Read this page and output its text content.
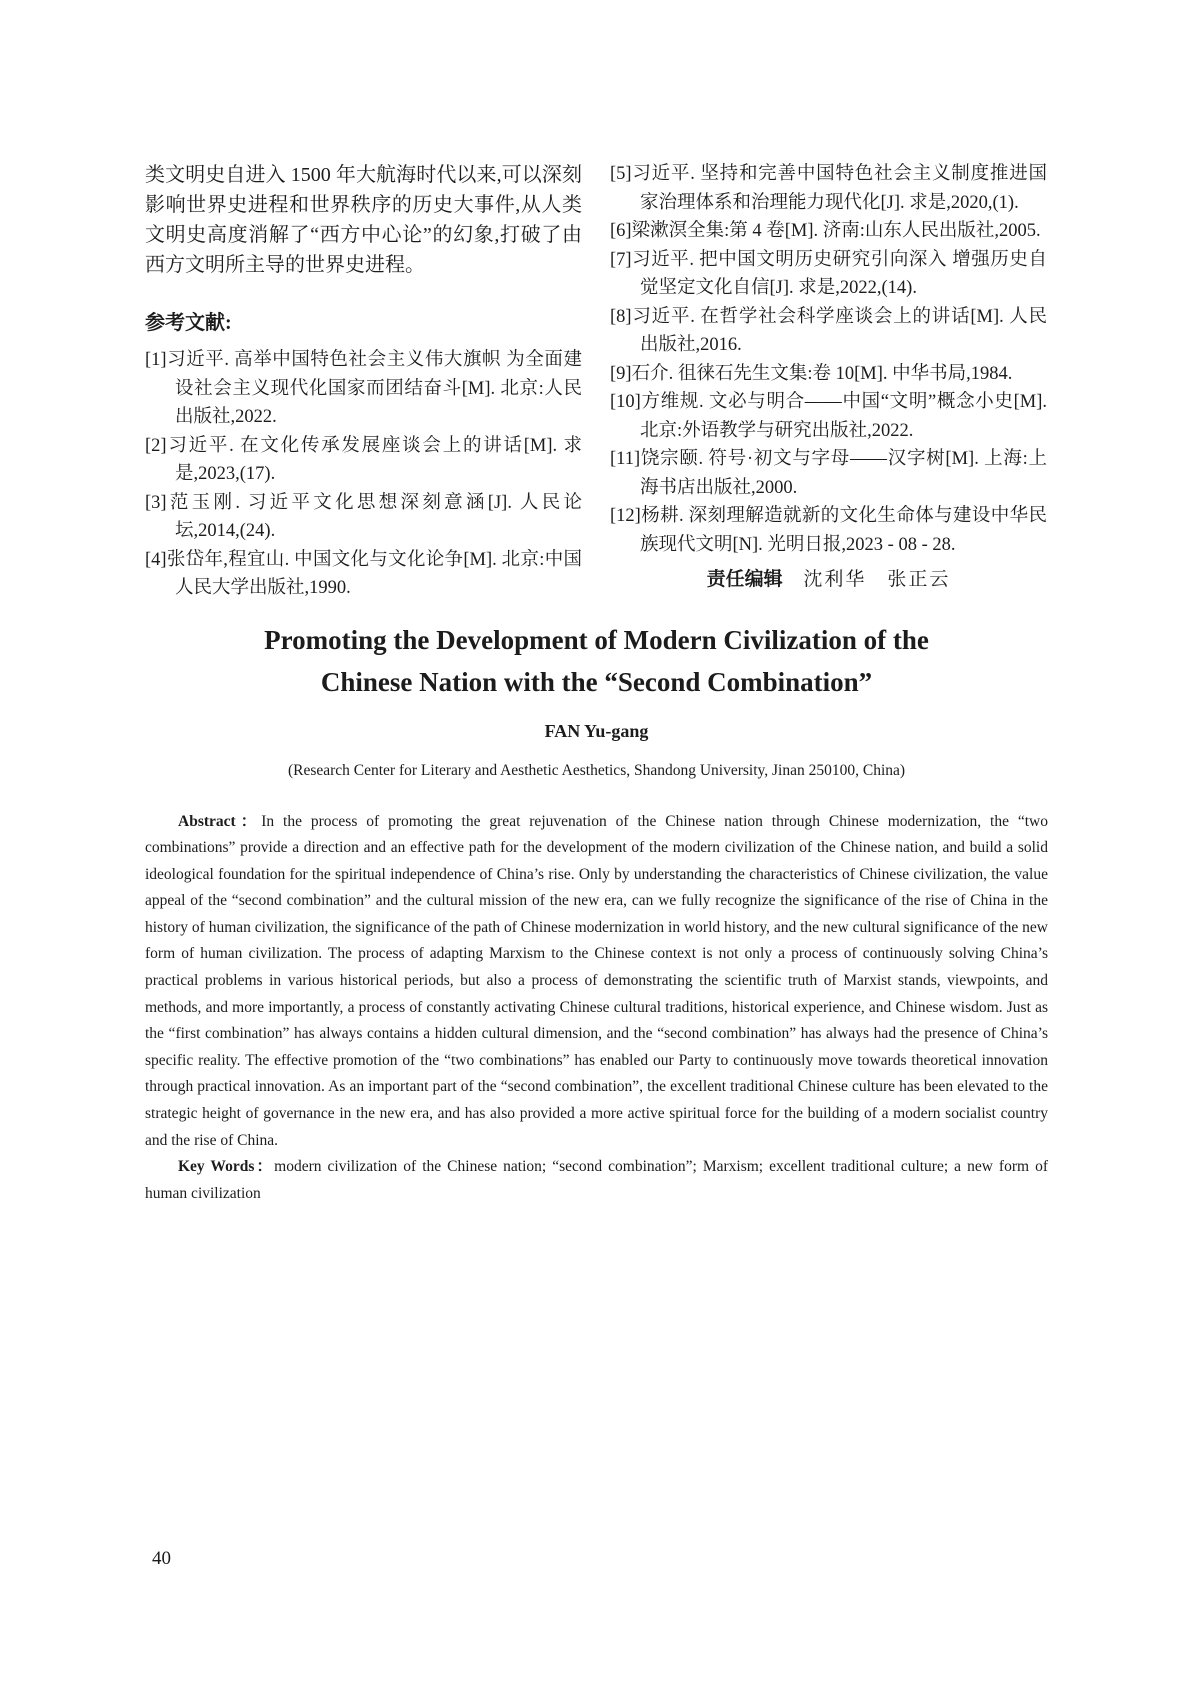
类文明史自进入 1500 年大航海时代以来,可以深刻影响世界史进程和世界秩序的历史大事件,从人类文明史高度消解了“西方中心论”的幻象,打破了由西方文明所主导的世界史进程。

参考文献:

[1]习近平. 高举中国特色社会主义伟大旗帜 为全面建设社会主义现代化国家而团结奋斗[M]. 北京:人民出版社,2022.

[2]习近平. 在文化传承发展座谈会上的讲话[M]. 求是,2023,(17).

[3]范玉刚. 习近平文化思想深刻意涵[J]. 人民论坛,2014,(24).

[4]张岱年,程宜山. 中国文化与文化论争[M]. 北京:中国人民大学出版社,1990.

[5]习近平. 坚持和完善中国特色社会主义制度推进国家治理体系和治理能力现代化[J]. 求是,2020,(1).

[6]梁漱溟全集:第 4 卷[M]. 济南:山东人民出版社,2005.

[7]习近平. 把中国文明历史研究引向深入 增强历史自觉坚定文化自信[J]. 求是,2022,(14).

[8]习近平. 在哲学社会科学座谈会上的讲话[M]. 人民出版社,2016.

[9]石介. 徂徕石先生文集:卷 10[M]. 中华书局,1984.

[10]方维规. 文必与明合——中国“文明”概念小史[M]. 北京:外语教学与研究出版社,2022.

[11]饶宗颐. 符号·初文与字母——汉字树[M]. 上海:上海书店出版社,2000.

[12]杨耕. 深刻理解造就新的文化生命体与建设中华民族现代文明[N]. 光明日报,2023 - 08 - 28.

责任编辑 沈利华　张正云

Promoting the Development of Modern Civilization of the
Chinese Nation with the “Second Combination”
FAN Yu-gang
(Research Center for Literary and Aesthetic Aesthetics, Shandong University, Jinan 250100, China)

Abstract：In the process of promoting the great rejuvenation of the Chinese nation through Chinese modernization, the “two combinations” provide a direction and an effective path for the development of the modern civilization of the Chinese nation, and build a solid ideological foundation for the spiritual independence of China’s rise. Only by understanding the characteristics of Chinese civilization, the value appeal of the “second combination” and the cultural mission of the new era, can we fully recognize the significance of the rise of China in the history of human civilization, the significance of the path of Chinese modernization in world history, and the new cultural significance of the new form of human civilization. The process of adapting Marxism to the Chinese context is not only a process of continuously solving China’s practical problems in various historical periods, but also a process of demonstrating the scientific truth of Marxist stands, viewpoints, and methods, and more importantly, a process of constantly activating Chinese cultural traditions, historical experience, and Chinese wisdom. Just as the “first combination” has always contains a hidden cultural dimension, and the “second combination” has always had the presence of China’s specific reality. The effective promotion of the “two combinations” has enabled our Party to continuously move towards theoretical innovation through practical innovation. As an important part of the “second combination”, the excellent traditional Chinese culture has been elevated to the strategic height of governance in the new era, and has also provided a more active spiritual force for the building of a modern socialist country and the rise of China.

Key Words：modern civilization of the Chinese nation; “second combination”; Marxism; excellent traditional culture; a new form of human civilization

40
